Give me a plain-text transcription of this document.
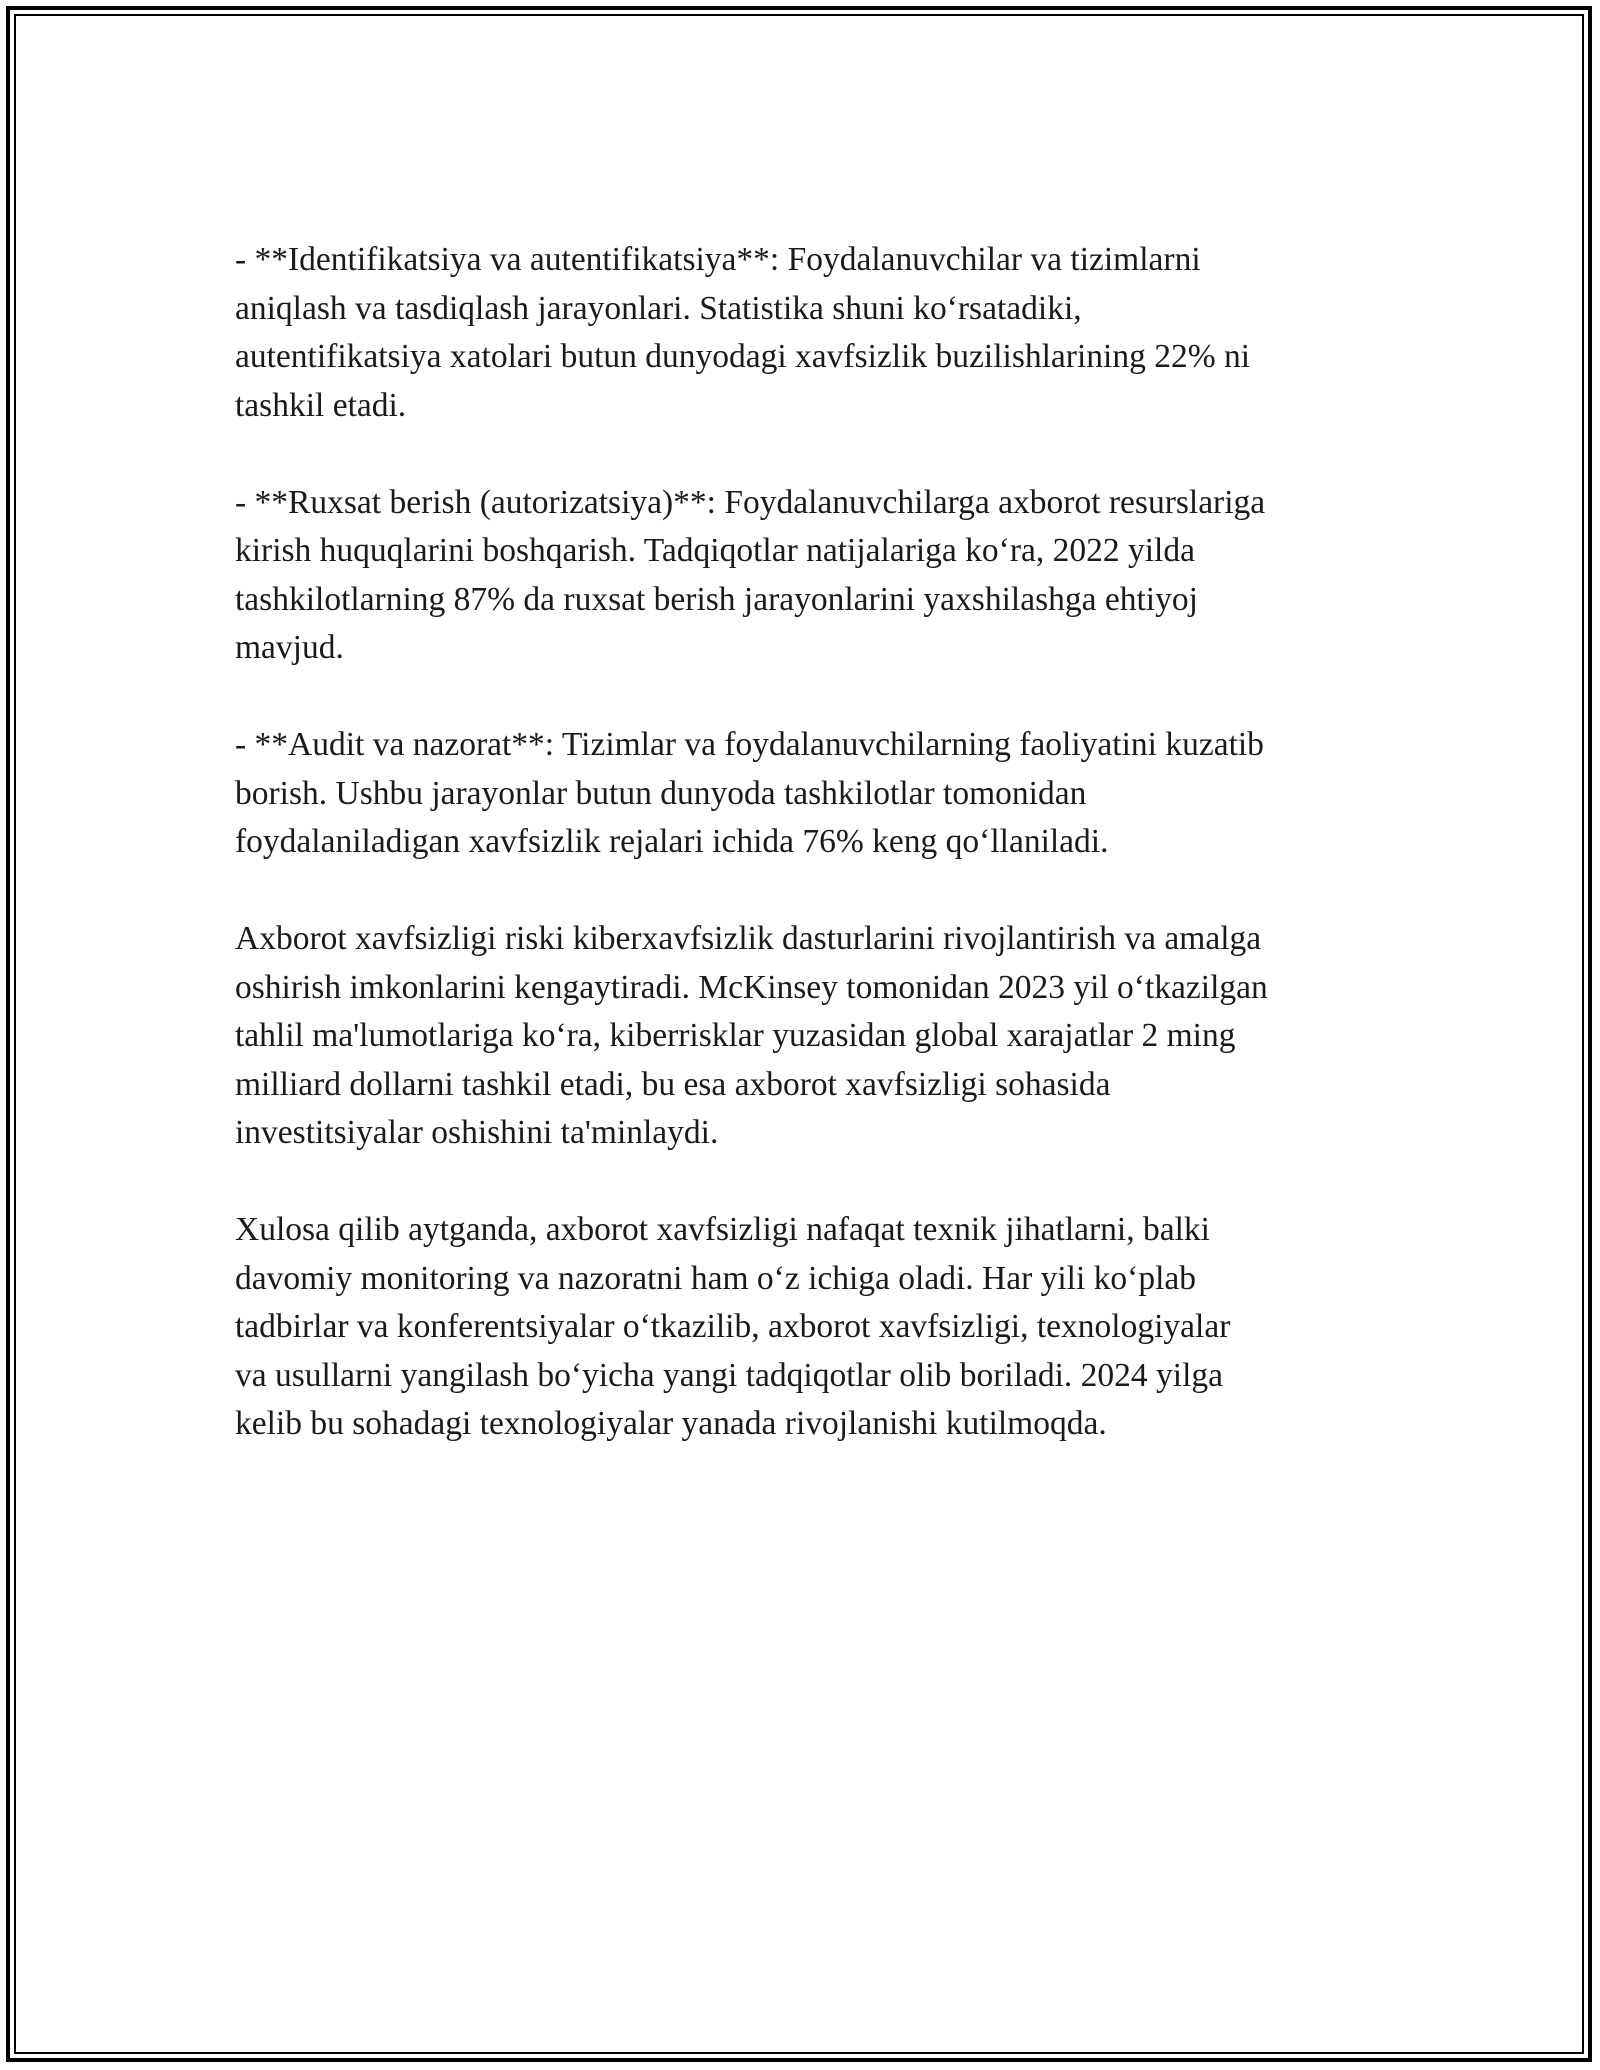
- **Identifikatsiya va autentifikatsiya**: Foydalanuvchilar va tizimlarni
aniqlash va tasdiqlash jarayonlari. Statistika shuni ko‘rsatadiki,
autentifikatsiya xatolari butun dunyodagi xavfsizlik buzilishlarining 22% ni
tashkil etadi.

- **Ruxsat berish (autorizatsiya)**: Foydalanuvchilarga axborot resurslariga
kirish huquqlarini boshqarish. Tadqiqotlar natijalariga ko‘ra, 2022 yilda
tashkilotlarning 87% da ruxsat berish jarayonlarini yaxshilashga ehtiyoj
mavjud.

- **Audit va nazorat**: Tizimlar va foydalanuvchilarning faoliyatini kuzatib
borish. Ushbu jarayonlar butun dunyoda tashkilotlar tomonidan
foydalaniladigan xavfsizlik rejalari ichida 76% keng qo‘llaniladi.

Axborot xavfsizligi riski kiberxavfsizlik dasturlarini rivojlantirish va amalga
oshirish imkonlarini kengaytiradi. McKinsey tomonidan 2023 yil o‘tkazilgan
tahlil ma'lumotlariga ko‘ra, kiberrisklar yuzasidan global xarajatlar 2 ming
milliard dollarni tashkil etadi, bu esa axborot xavfsizligi sohasida
investitsiyalar oshishini ta'minlaydi.

Xulosa qilib aytganda, axborot xavfsizligi nafaqat texnik jihatlarni, balki
davomiy monitoring va nazoratni ham o‘z ichiga oladi. Har yili ko‘plab
tadbirlar va konferentsiyalar o‘tkazilib, axborot xavfsizligi, texnologiyalar
va usullarni yangilash bo‘yicha yangi tadqiqotlar olib boriladi. 2024 yilga
kelib bu sohadagi texnologiyalar yanada rivojlanishi kutilmoqda.
